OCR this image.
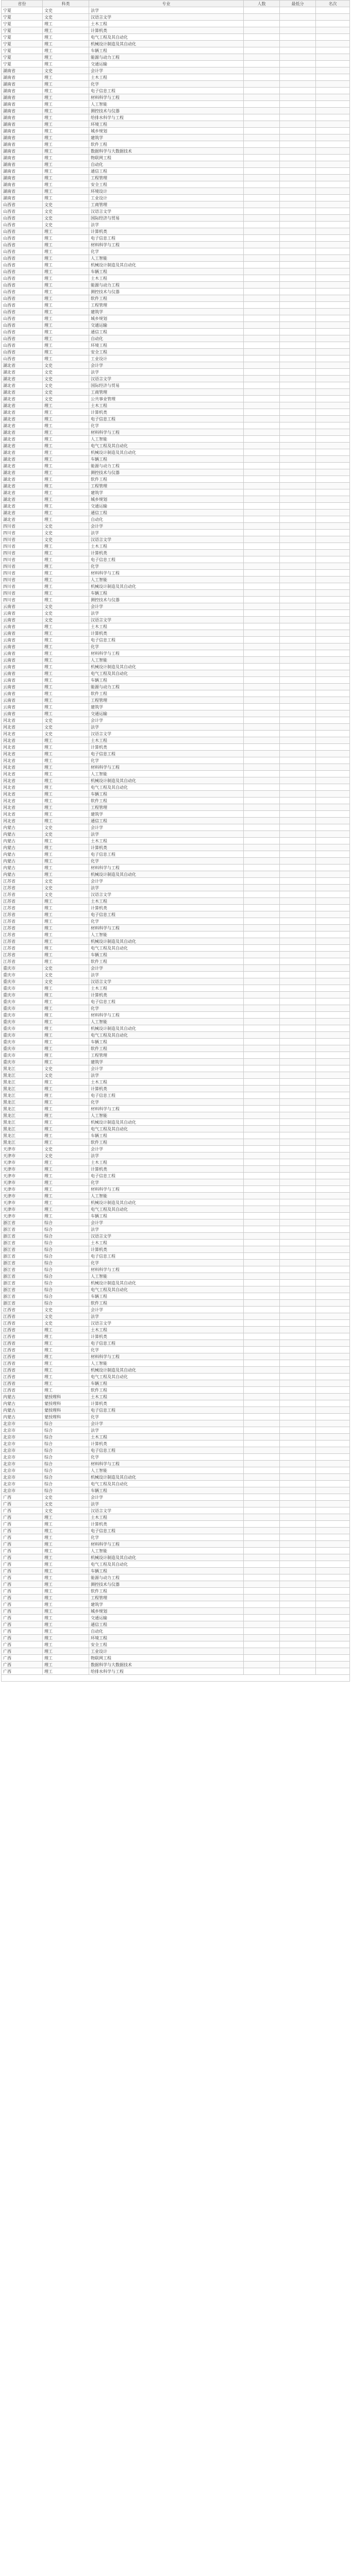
省份	科类	专业	人数	最低分	名次
宁夏	文史	法学			
宁夏	文史	汉语言文学			
宁夏	理工	土木工程			
宁夏	理工	计算机类			
宁夏	理工	电气工程及其自动化			
宁夏	理工	机械设计制造及其自动化			
宁夏	理工	车辆工程			
宁夏	理工	能源与动力工程			
宁夏	理工	交通运输			
湖南省	文史	会计学			
湖南省	理工	土木工程			
湖南省	理工	化学			
湖南省	理工	电子信息工程			
湖南省	理工	材料科学与工程			
湖南省	理工	人工智能			
湖南省	理工	测控技术与仪器			
湖南省	理工	给排水科学与工程			
湖南省	理工	环境工程			
湖南省	理工	城乡规划			
湖南省	理工	建筑学			
湖南省	理工	软件工程			
湖南省	理工	数据科学与大数据技术			
湖南省	理工	物联网工程			
湖南省	理工	自动化			
湖南省	理工	通信工程			
湖南省	理工	工程管理			
湖南省	理工	安全工程			
湖南省	理工	环境设计			
湖南省	理工	工业设计			
山西省	文史	工商管理			
山西省	文史	汉语言文学			
山西省	文史	国际经济与贸易			
山西省	文史	法学			
山西省	理工	计算机类			
山西省	理工	电子信息工程			
山西省	理工	材料科学与工程			
山西省	理工	化学			
山西省	理工	人工智能			
山西省	理工	机械设计制造及其自动化			
山西省	理工	车辆工程			
山西省	理工	土木工程			
山西省	理工	能源与动力工程			
山西省	理工	测控技术与仪器			
山西省	理工	软件工程			
山西省	理工	工程管理			
山西省	理工	建筑学			
山西省	理工	城乡规划			
山西省	理工	交通运输			
山西省	理工	通信工程			
山西省	理工	自动化			
山西省	理工	环境工程			
山西省	理工	安全工程			
山西省	理工	工业设计			
湖北省	文史	会计学			
湖北省	文史	法学			
湖北省	文史	汉语言文学			
湖北省	文史	国际经济与贸易			
湖北省	文史	工商管理			
湖北省	文史	公共事业管理			
湖北省	理工	土木工程			
湖北省	理工	计算机类			
湖北省	理工	电子信息工程			
湖北省	理工	化学			
湖北省	理工	材料科学与工程			
湖北省	理工	人工智能			
湖北省	理工	电气工程及其自动化			
湖北省	理工	机械设计制造及其自动化			
湖北省	理工	车辆工程			
湖北省	理工	能源与动力工程			
湖北省	理工	测控技术与仪器			
湖北省	理工	软件工程			
湖北省	理工	工程管理			
湖北省	理工	建筑学			
湖北省	理工	城乡规划			
湖北省	理工	交通运输			
湖北省	理工	通信工程			
湖北省	理工	自动化			
四川省	文史	会计学			
四川省	文史	法学			
四川省	文史	汉语言文学			
四川省	理工	土木工程			
四川省	理工	计算机类			
四川省	理工	电子信息工程			
四川省	理工	化学			
四川省	理工	材料科学与工程			
四川省	理工	人工智能			
四川省	理工	机械设计制造及其自动化			
四川省	理工	车辆工程			
四川省	理工	测控技术与仪器			
云南省	文史	会计学			
云南省	文史	法学			
云南省	文史	汉语言文学			
云南省	理工	土木工程			
云南省	理工	计算机类			
云南省	理工	电子信息工程			
云南省	理工	化学			
云南省	理工	材料科学与工程			
云南省	理工	人工智能			
云南省	理工	机械设计制造及其自动化			
云南省	理工	电气工程及其自动化			
云南省	理工	车辆工程			
云南省	理工	能源与动力工程			
云南省	理工	软件工程			
云南省	理工	工程管理			
云南省	理工	建筑学			
云南省	理工	交通运输			
河北省	文史	会计学			
河北省	文史	法学			
河北省	文史	汉语言文学			
河北省	理工	土木工程			
河北省	理工	计算机类			
河北省	理工	电子信息工程			
河北省	理工	化学			
河北省	理工	材料科学与工程			
河北省	理工	人工智能			
河北省	理工	机械设计制造及其自动化			
河北省	理工	电气工程及其自动化			
河北省	理工	车辆工程			
河北省	理工	软件工程			
河北省	理工	工程管理			
河北省	理工	建筑学			
河北省	理工	通信工程			
内蒙古	文史	会计学			
内蒙古	文史	法学			
内蒙古	理工	土木工程			
内蒙古	理工	计算机类			
内蒙古	理工	电子信息工程			
内蒙古	理工	化学			
内蒙古	理工	材料科学与工程			
内蒙古	理工	机械设计制造及其自动化			
江苏省	文史	会计学			
江苏省	文史	法学			
江苏省	文史	汉语言文学			
江苏省	理工	土木工程			
江苏省	理工	计算机类			
江苏省	理工	电子信息工程			
江苏省	理工	化学			
江苏省	理工	材料科学与工程			
江苏省	理工	人工智能			
江苏省	理工	机械设计制造及其自动化			
江苏省	理工	电气工程及其自动化			
江苏省	理工	车辆工程			
江苏省	理工	软件工程			
重庆市	文史	会计学			
重庆市	文史	法学			
重庆市	文史	汉语言文学			
重庆市	理工	土木工程			
重庆市	理工	计算机类			
重庆市	理工	电子信息工程			
重庆市	理工	化学			
重庆市	理工	材料科学与工程			
重庆市	理工	人工智能			
重庆市	理工	机械设计制造及其自动化			
重庆市	理工	电气工程及其自动化			
重庆市	理工	车辆工程			
重庆市	理工	软件工程			
重庆市	理工	工程管理			
重庆市	理工	建筑学			
黑龙江	文史	会计学			
黑龙江	文史	法学			
黑龙江	理工	土木工程			
黑龙江	理工	计算机类			
黑龙江	理工	电子信息工程			
黑龙江	理工	化学			
黑龙江	理工	材料科学与工程			
黑龙江	理工	人工智能			
黑龙江	理工	机械设计制造及其自动化			
黑龙江	理工	电气工程及其自动化			
黑龙江	理工	车辆工程			
黑龙江	理工	软件工程			
天津市	文史	会计学			
天津市	文史	法学			
天津市	理工	土木工程			
天津市	理工	计算机类			
天津市	理工	电子信息工程			
天津市	理工	化学			
天津市	理工	材料科学与工程			
天津市	理工	人工智能			
天津市	理工	机械设计制造及其自动化			
天津市	理工	电气工程及其自动化			
天津市	理工	车辆工程			
浙江省	综合	会计学			
浙江省	综合	法学			
浙江省	综合	汉语言文学			
浙江省	综合	土木工程			
浙江省	综合	计算机类			
浙江省	综合	电子信息工程			
浙江省	综合	化学			
浙江省	综合	材料科学与工程			
浙江省	综合	人工智能			
浙江省	综合	机械设计制造及其自动化			
浙江省	综合	电气工程及其自动化			
浙江省	综合	车辆工程			
浙江省	综合	软件工程			
江西省	文史	会计学			
江西省	文史	法学			
江西省	文史	汉语言文学			
江西省	理工	土木工程			
江西省	理工	计算机类			
江西省	理工	电子信息工程			
江西省	理工	化学			
江西省	理工	材料科学与工程			
江西省	理工	人工智能			
江西省	理工	机械设计制造及其自动化			
江西省	理工	电气工程及其自动化			
江西省	理工	车辆工程			
江西省	理工	软件工程			
内蒙古	蒙授理科	土木工程			
内蒙古	蒙授理科	计算机类			
内蒙古	蒙授理科	电子信息工程			
内蒙古	蒙授理科	化学			
北京市	综合	会计学			
北京市	综合	法学			
北京市	综合	土木工程			
北京市	综合	计算机类			
北京市	综合	电子信息工程			
北京市	综合	化学			
北京市	综合	材料科学与工程			
北京市	综合	人工智能			
北京市	综合	机械设计制造及其自动化			
北京市	综合	电气工程及其自动化			
北京市	综合	车辆工程			
广西	文史	会计学			
广西	文史	法学			
广西	文史	汉语言文学			
广西	理工	土木工程			
广西	理工	计算机类			
广西	理工	电子信息工程			
广西	理工	化学			
广西	理工	材料科学与工程			
广西	理工	人工智能			
广西	理工	机械设计制造及其自动化			
广西	理工	电气工程及其自动化			
广西	理工	车辆工程			
广西	理工	能源与动力工程			
广西	理工	测控技术与仪器			
广西	理工	软件工程			
广西	理工	工程管理			
广西	理工	建筑学			
广西	理工	城乡规划			
广西	理工	交通运输			
广西	理工	通信工程			
广西	理工	自动化			
广西	理工	环境工程			
广西	理工	安全工程			
广西	理工	工业设计			
广西	理工	物联网工程			
广西	理工	数据科学与大数据技术			
广西	理工	给排水科学与工程			
